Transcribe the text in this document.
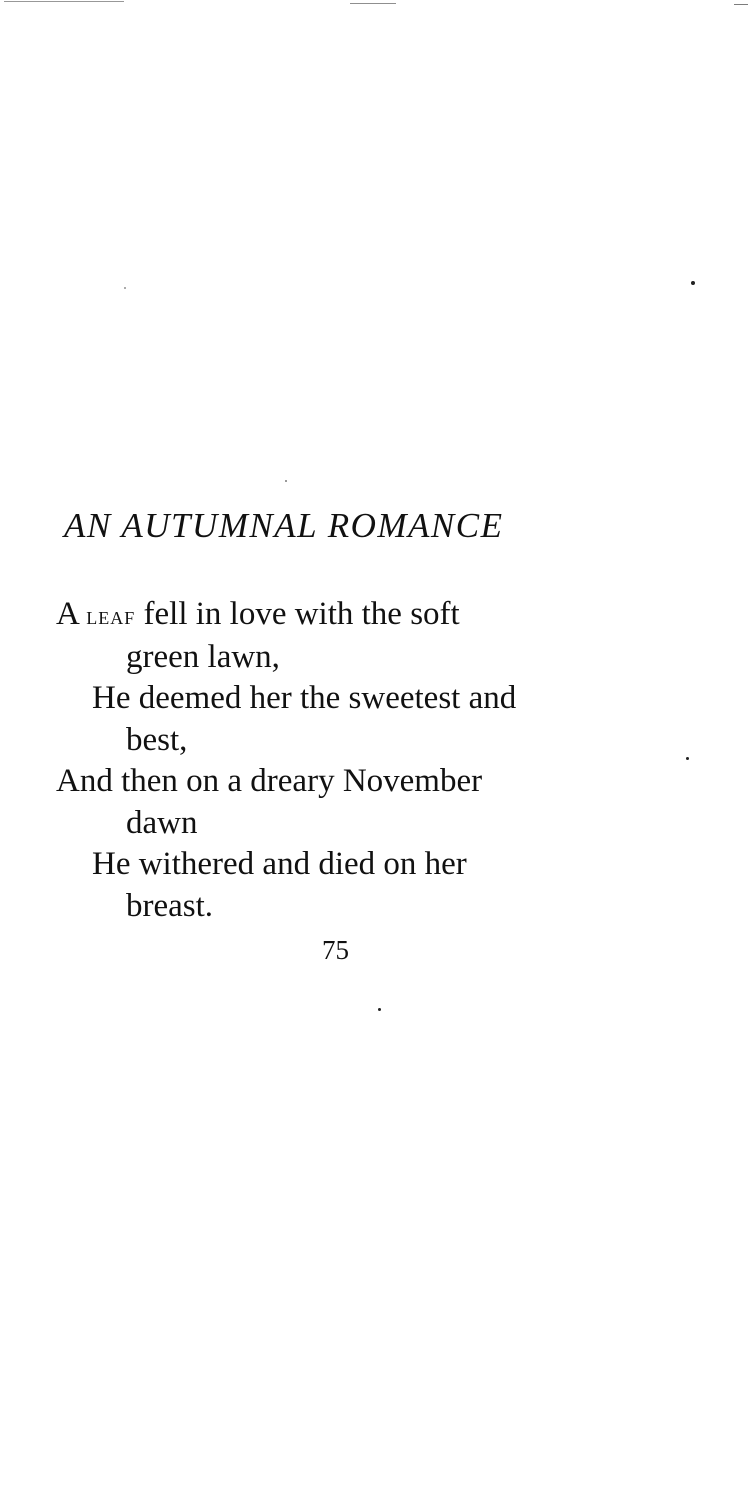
AN AUTUMNAL ROMANCE
A leaf fell in love with the soft
green lawn,
He deemed her the sweetest and
best,
And then on a dreary November
dawn
He withered and died on her
breast.
75
